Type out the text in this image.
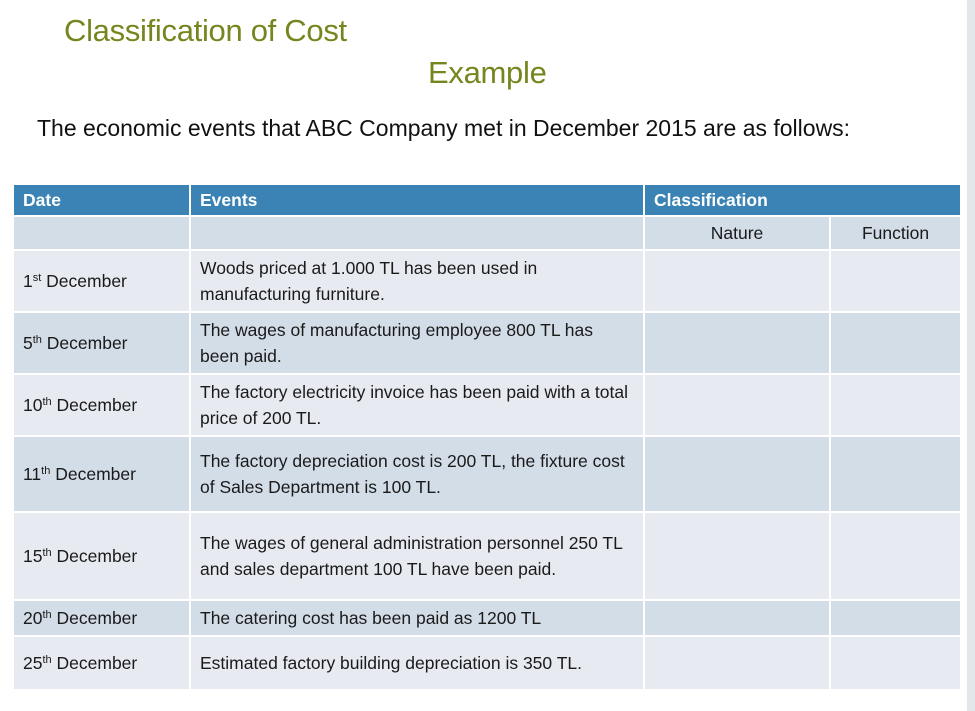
Classification of Cost
Example
The economic events that ABC Company met in December 2015 are as follows:
Date	Events	Classification	
		Nature	Function
1st December	Woods priced at 1.000 TL has been used in manufacturing furniture.		
5th December	The wages of manufacturing employee 800 TL has been paid.		
10th December	The factory electricity invoice has been paid with a total price of 200 TL.		
11th December	The factory depreciation cost is 200 TL, the fixture cost of Sales Department is 100 TL.		
15th December	The wages of general administration personnel 250 TL and sales department 100 TL have been paid.		
20th December	The catering cost has been paid as 1200 TL		
25th December	Estimated factory building depreciation is 350 TL.		
